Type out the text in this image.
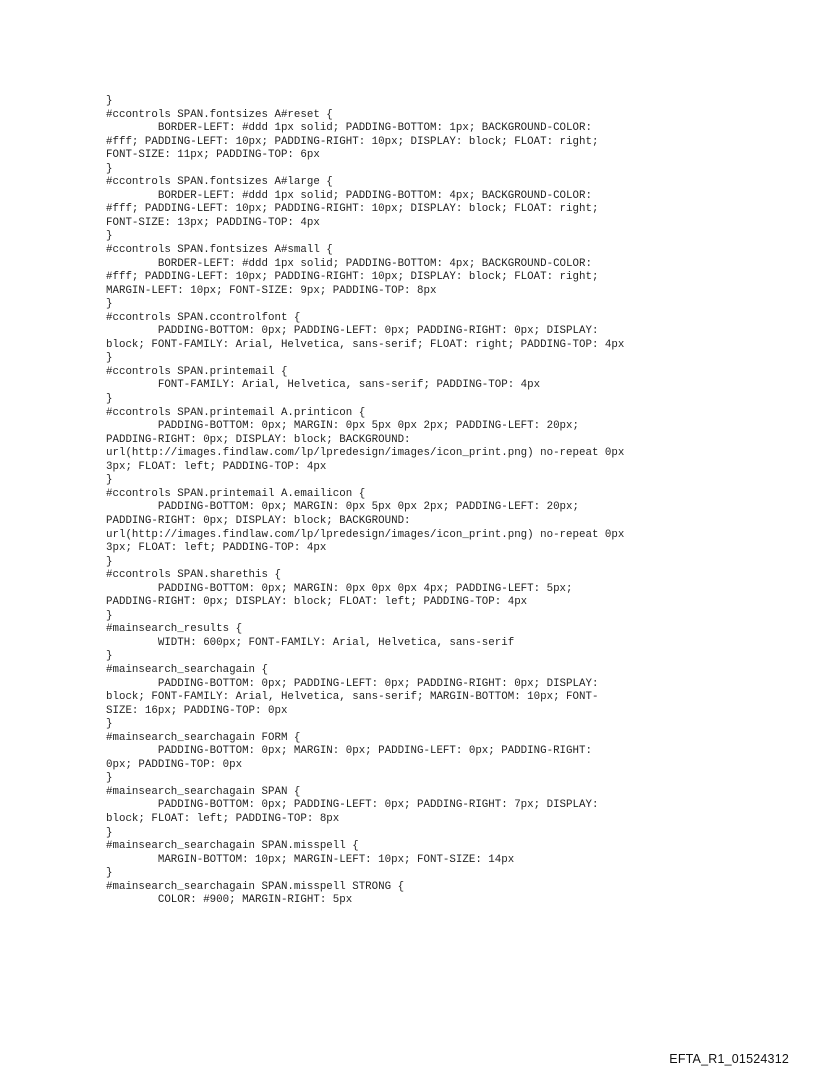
}
#ccontrols SPAN.fontsizes A#reset {
BORDER-LEFT: #ddd 1px solid; PADDING-BOTTOM: 1px; BACKGROUND-COLOR:
#fff; PADDING-LEFT: 10px; PADDING-RIGHT: 10px; DISPLAY: block; FLOAT: right;
FONT-SIZE: 11px; PADDING-TOP: 6px
}
#ccontrols SPAN.fontsizes A#large {
BORDER-LEFT: #ddd 1px solid; PADDING-BOTTOM: 4px; BACKGROUND-COLOR:
#fff; PADDING-LEFT: 10px; PADDING-RIGHT: 10px; DISPLAY: block; FLOAT: right;
FONT-SIZE: 13px; PADDING-TOP: 4px
}
#ccontrols SPAN.fontsizes A#small {
BORDER-LEFT: #ddd 1px solid; PADDING-BOTTOM: 4px; BACKGROUND-COLOR:
#fff; PADDING-LEFT: 10px; PADDING-RIGHT: 10px; DISPLAY: block; FLOAT: right;
MARGIN-LEFT: 10px; FONT-SIZE: 9px; PADDING-TOP: 8px
}
#ccontrols SPAN.ccontrolfont {
PADDING-BOTTOM: 0px; PADDING-LEFT: 0px; PADDING-RIGHT: 0px; DISPLAY:
block; FONT-FAMILY: Arial, Helvetica, sans-serif; FLOAT: right; PADDING-TOP: 4px
}
#ccontrols SPAN.printemail {
FONT-FAMILY: Arial, Helvetica, sans-serif; PADDING-TOP: 4px
}
#ccontrols SPAN.printemail A.printicon {
PADDING-BOTTOM: 0px; MARGIN: 0px 5px 0px 2px; PADDING-LEFT: 20px;
PADDING-RIGHT: 0px; DISPLAY: block; BACKGROUND:
url(http://images.findlaw.com/lp/lpredesign/images/icon_print.png) no-repeat 0px
3px; FLOAT: left; PADDING-TOP: 4px
}
#ccontrols SPAN.printemail A.emailicon {
PADDING-BOTTOM: 0px; MARGIN: 0px 5px 0px 2px; PADDING-LEFT: 20px;
PADDING-RIGHT: 0px; DISPLAY: block; BACKGROUND:
url(http://images.findlaw.com/lp/lpredesign/images/icon_print.png) no-repeat 0px
3px; FLOAT: left; PADDING-TOP: 4px
}
#ccontrols SPAN.sharethis {
PADDING-BOTTOM: 0px; MARGIN: 0px 0px 0px 4px; PADDING-LEFT: 5px;
PADDING-RIGHT: 0px; DISPLAY: block; FLOAT: left; PADDING-TOP: 4px
}
#mainsearch_results {
WIDTH: 600px; FONT-FAMILY: Arial, Helvetica, sans-serif
}
#mainsearch_searchagain {
PADDING-BOTTOM: 0px; PADDING-LEFT: 0px; PADDING-RIGHT: 0px; DISPLAY:
block; FONT-FAMILY: Arial, Helvetica, sans-serif; MARGIN-BOTTOM: 10px; FONT-
SIZE: 16px; PADDING-TOP: 0px
}
#mainsearch_searchagain FORM {
PADDING-BOTTOM: 0px; MARGIN: 0px; PADDING-LEFT: 0px; PADDING-RIGHT:
0px; PADDING-TOP: 0px
}
#mainsearch_searchagain SPAN {
PADDING-BOTTOM: 0px; PADDING-LEFT: 0px; PADDING-RIGHT: 7px; DISPLAY:
block; FLOAT: left; PADDING-TOP: 8px
}
#mainsearch_searchagain SPAN.misspell {
MARGIN-BOTTOM: 10px; MARGIN-LEFT: 10px; FONT-SIZE: 14px
}
#mainsearch_searchagain SPAN.misspell STRONG {
COLOR: #900; MARGIN-RIGHT: 5px
EFTA_R1_01524312
